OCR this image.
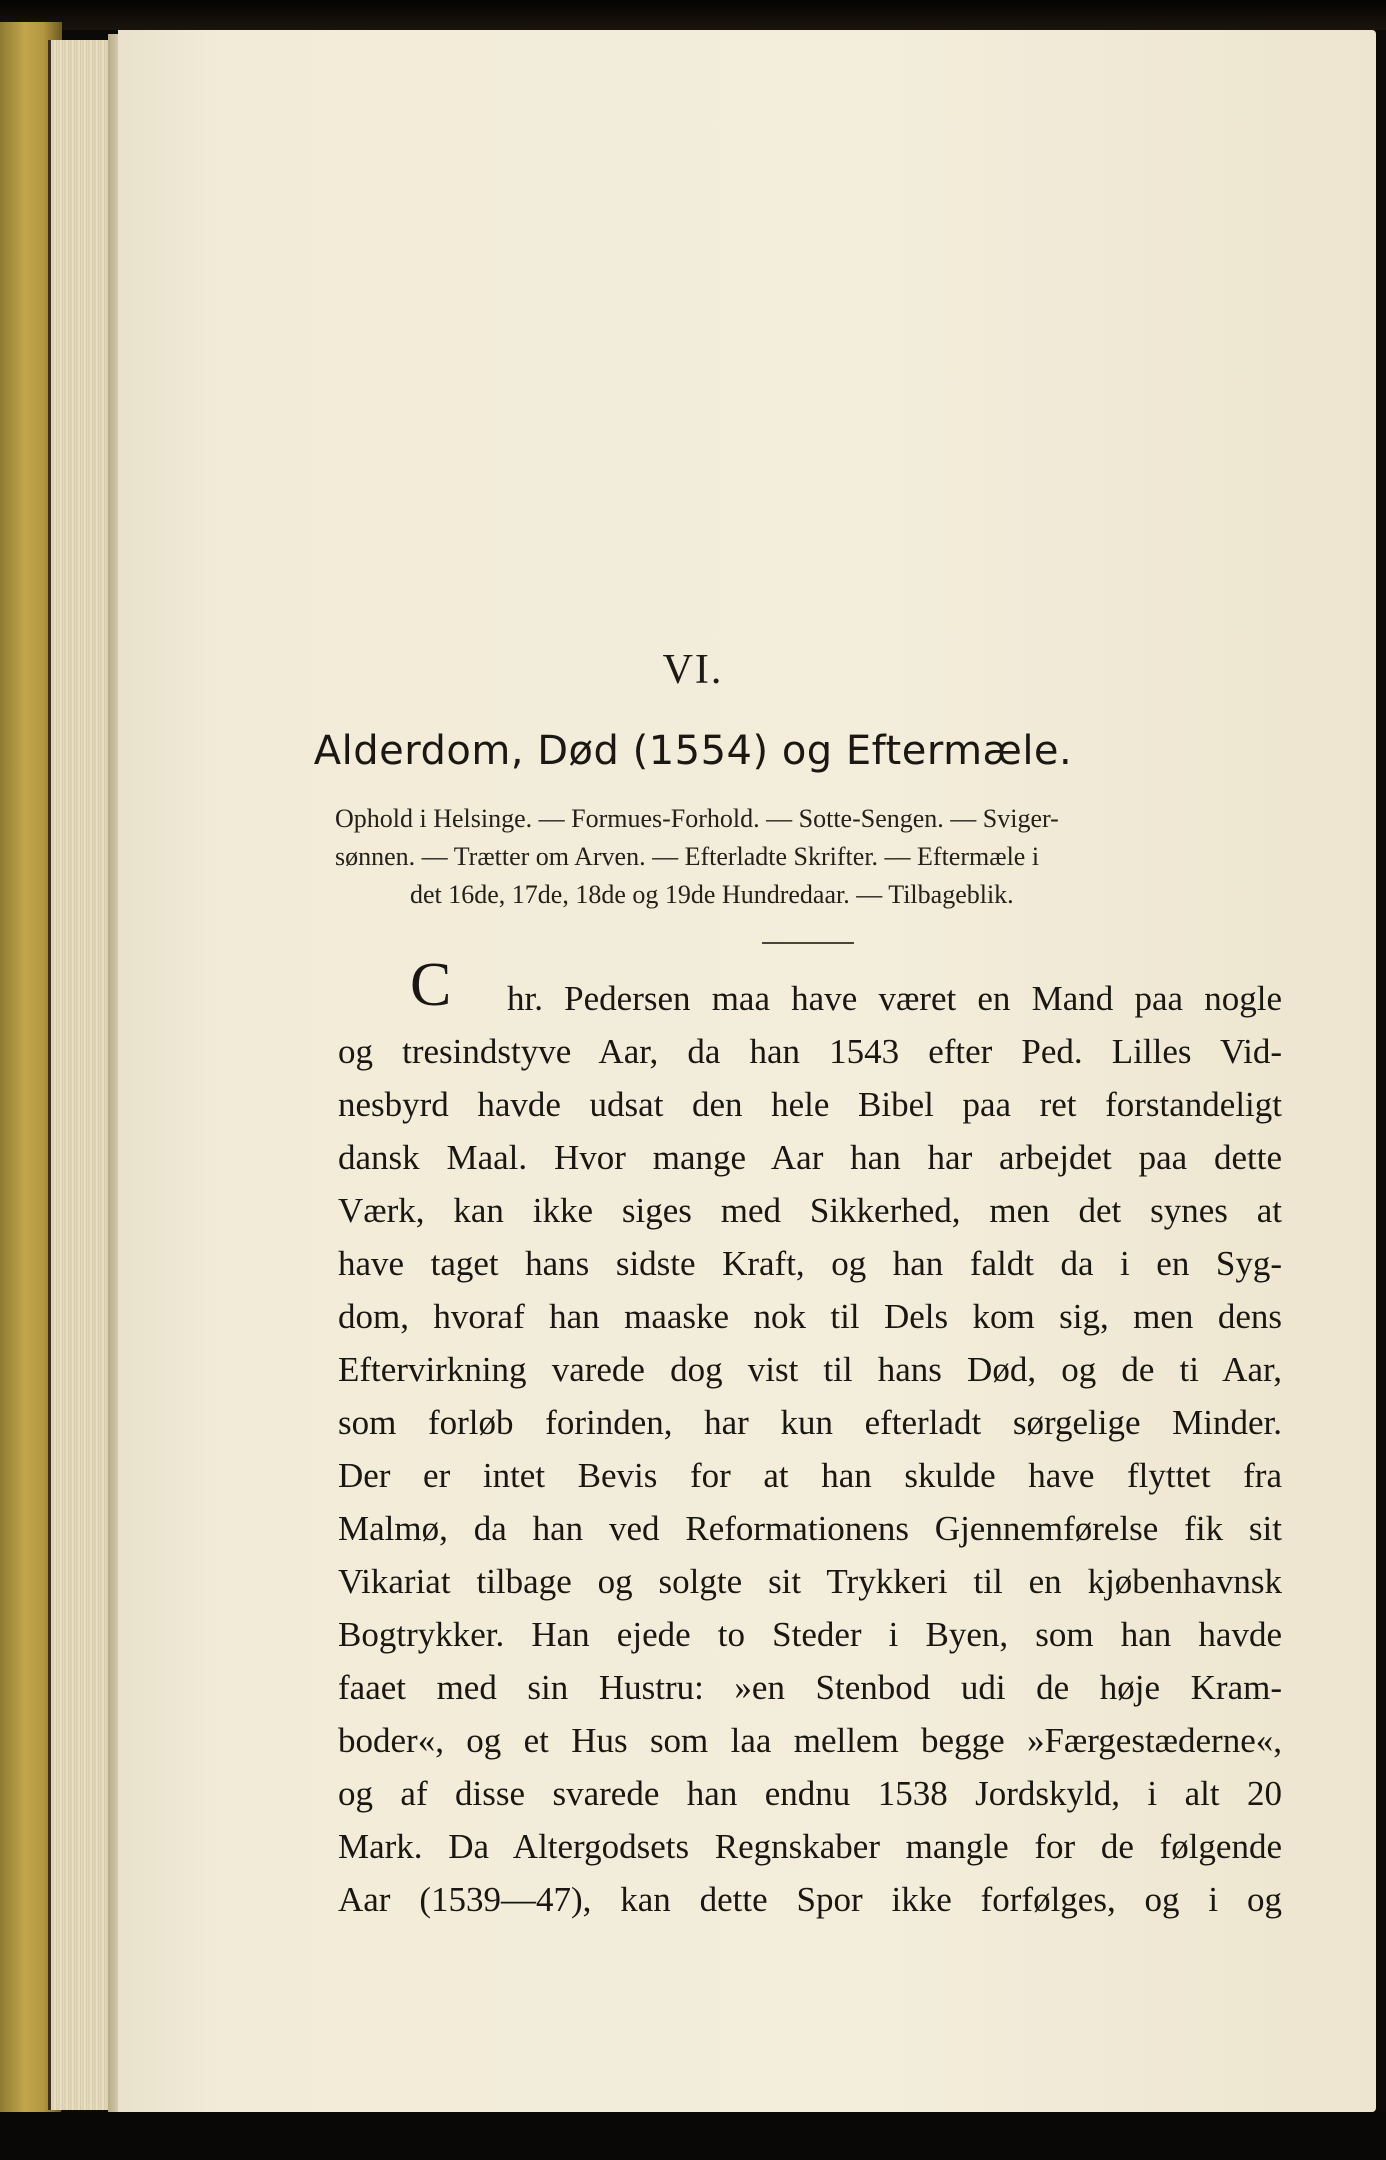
VI.
Alderdom, Død (1554) og Eftermæle.
Ophold i Helsinge. — Formues-Forhold. — Sotte-Sengen. — Sviger-
sønnen. — Trætter om Arven. — Efterladte Skrifter. — Eftermæle i
det 16de, 17de, 18de og 19de Hundredaar. — Tilbageblik.
C hr. Pedersen maa have været en Mand paa nogle
og tresindstyve Aar, da han 1543 efter Ped. Lilles Vid-
nesbyrd havde udsat den hele Bibel paa ret forstandeligt
dansk Maal. Hvor mange Aar han har arbejdet paa dette
Værk, kan ikke siges med Sikkerhed, men det synes at
have taget hans sidste Kraft, og han faldt da i en Syg-
dom, hvoraf han maaske nok til Dels kom sig, men dens
Eftervirkning varede dog vist til hans Død, og de ti Aar,
som forløb forinden, har kun efterladt sørgelige Minder.
Der er intet Bevis for at han skulde have flyttet fra
Malmø, da han ved Reformationens Gjennemførelse fik sit
Vikariat tilbage og solgte sit Trykkeri til en kjøbenhavnsk
Bogtrykker. Han ejede to Steder i Byen, som han havde
faaet med sin Hustru: »en Stenbod udi de høje Kram-
boder«, og et Hus som laa mellem begge »Færgestæderne«,
og af disse svarede han endnu 1538 Jordskyld, i alt 20
Mark. Da Altergodsets Regnskaber mangle for de følgende
Aar (1539—47), kan dette Spor ikke forfølges, og i og
